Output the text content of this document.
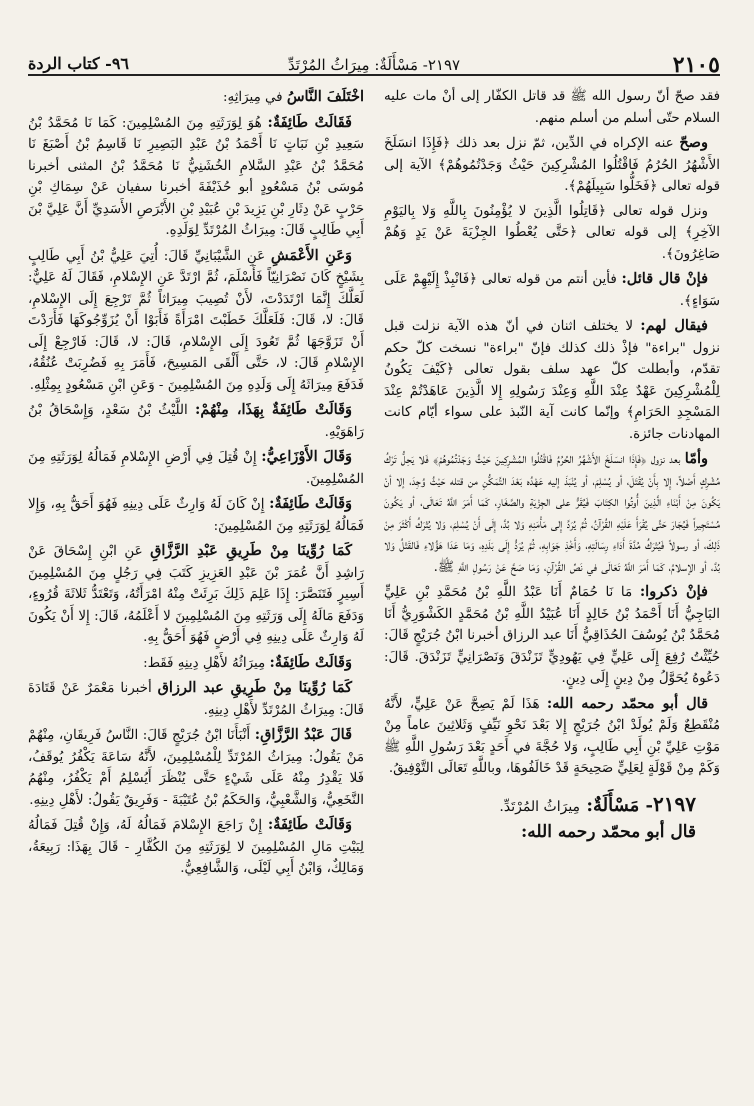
٢١٠٥
٢١٩٧- مَسْأَلَةٌ: مِيرَاثُ المُرْتَدِّ
٩٦- كتاب الردة

فقد صحّ أنّ رسول الله ﷺ قد قاتل الكفّار إلى أنْ مات عليه السلام حتّى أسلم من أسلم منهم.

وصحّ عنه الإكراه في الدِّين، ثمّ نزل بعد ذلك ﴿فَإِذَا انسَلَخَ الأَشْهُرُ الحُرُمُ فَاقْتُلُوا المُشْرِكِينَ حَيْثُ وَجَدْتُمُوهُمْ﴾ الآية إلى قوله تعالى ﴿فَخَلُّوا سَبِيلَهُمْ﴾.

ونزل قوله تعالى ﴿قَاتِلُوا الَّذِينَ لا يُؤْمِنُونَ بِاللَّهِ وَلا بِاليَوْمِ الآخِرِ﴾ إلى قوله تعالى ﴿حَتَّى يُعْطُوا الجِزْيَةَ عَنْ يَدٍ وَهُمْ صَاغِرُونَ﴾.

فإنْ قال قائل: فأين أنتم من قوله تعالى ﴿فَانْبِذْ إِلَيْهِمْ عَلَى سَوَاءٍ﴾.

فيقال لهم: لا يختلف اثنان في أنّ هذه الآية نزلت قبل نزول "براءة" فإذْ ذلك كذلك فإنّ "براءة" نسخت كلّ حكم تقدّم، وأبطلت كلّ عهد سلف بقول تعالى ﴿كَيْفَ يَكُونُ لِلْمُشْرِكِينَ عَهْدٌ عِنْدَ اللَّهِ وَعِنْدَ رَسُولِهِ إِلا الَّذِينَ عَاهَدْتُمْ عِنْدَ المَسْجِدِ الحَرَامِ﴾ وإنّما كانت آية النّبذ على سواء أيّام كانت المهادنات جائزة.

وأمّا بعد نزول ﴿فَإِذَا انسَلَخَ الأَشْهُرُ الحُرُمُ فَاقْتُلُوا المُشْرِكِينَ حَيْثُ وَجَدْتُمُوهُمْ﴾ فَلا يَحِلُّ تَرْكُ مُشْرِكٍ أَصْلاً، إِلا بِأَنْ يُقْتَلَ، أو يُسْلِمَ، أو يُنْبَذَ إليه عَهْدُه بَعْدَ التَّمَكُّنِ من قتله حَيْثُ وُجِدَ، إلا أنْ يَكُونَ مِنْ أَبْنَاءِ الَّذِينَ أُوتُوا الكِتَابَ فَيُقَرُّ على الجِزْيَةِ والصَّغَارِ، كَمَا أَمَرَ اللَّهُ تَعَالَى، أو يَكُونَ مُسْتَجِيراً فَيُجَارَ حَتَّى يُقْرَأَ عَلَيْهِ القُرْآنُ، ثُمَّ يُرَدَّ إِلى مَأْمَنِهِ وَلا بُدَّ، إِلَى أَنْ يُسْلِمَ، وَلا يُتْرَكُ أَكْثَرَ مِنْ ذَلِكَ، أو رسولاً فَيُتْرَكُ مُدَّةَ أَدَاءِ رِسَالَتِهِ، وَأَخْذِ جَوَابِهِ، ثُمَّ يُرَدُّ إِلَى بَلَدِهِ، وَمَا عَدَا هَؤُلاءِ فَالقَتْلُ وَلا بُدَّ، أو الإسلامُ، كَمَا أَمَرَ اللَّهُ تَعَالَى في نَصِّ القُرْآنِ، وَمَا صَحَّ عَنْ رَسُولِ اللَّهِ ﷺ.

فإنْ ذكروا: مَا نَا حُمَامٌ أَنَا عَبْدُ اللَّهِ بْنُ مُحَمَّدِ بْنِ عَلِيٍّ البَاجِيُّ أَنَا أَحْمَدُ بْنُ خَالِدٍ أَنَا عُبَيْدُ اللَّهِ بْنُ مُحَمَّدٍ الكَشْوَرِيُّ أَنَا مُحَمَّدُ بْنُ يُوسُفَ الحُذَاقِيُّ أَنَا عبد الرزاق أخبرنا ابْنُ جُرَيْجٍ قَالَ: حُيِّثْتُ رُفِعَ إِلَى عَلِيٍّ فِي يَهُودِيٍّ تَزَنْدَقَ وَنَصْرَانِيٍّ تَزَنْدَقَ. قَالَ: دَعُوهُ يُحَوَّلُ مِنْ دِينٍ إِلَى دِينٍ.

قال أبو محمّد رحمه الله: هَذَا لَمْ يَصِحَّ عَنْ عَلِيٍّ، لأَنَّهُ مُنْقَطِعٌ وَلَمْ يُولَدْ ابْنُ جُرَيْجٍ إِلا بَعْدَ نَحْوِ نَيِّفٍ وَثَلاثِينَ عاماً مِنْ مَوْتِ عَلِيِّ بْنِ أَبِي طَالِبٍ، وَلا حُجَّةَ في أَحَدٍ بَعْدَ رَسُولِ اللَّهِ ﷺ وَكَمْ مِنْ قَوْلَةٍ لِعَلِيٍّ صَحِيحَةٍ قَدْ خَالَفُوهَا، وباللَّهِ تَعَالَى التَّوْفِيقُ.

٢١٩٧- مَسْأَلَةٌ: مِيرَاثُ المُرْتَدِّ.
قال أبو محمّد رحمه الله:

اخْتَلَفَ النَّاسُ في مِيرَاثِهِ:

فَقَالَتْ طَائِفَةٌ: هُوَ لِوَرَثَتِهِ مِنَ المُسْلِمِينَ: كَمَا نَا مُحَمَّدُ بْنُ سَعِيدِ بْنِ نَبَاتٍ نَا أَحْمَدُ بْنُ عَبْدِ البَصِيرِ نَا قَاسِمُ بْنُ أَصْبَغَ نَا مُحَمَّدُ بْنُ عَبْدِ السَّلامِ الخُشَنِيُّ نَا مُحَمَّدُ بْنُ المثنى أخبرنا مُوسَى بْنُ مَسْعُودٍ أبو حُذَيْفَةَ أخبرنا سفيان عَنْ سِمَاكِ بْنِ حَرْبٍ عَنْ دِثَارِ بْنِ يَزِيدَ بْنِ عُبَيْدِ بْنِ الأَبْرَصِ الأَسَدِيِّ أَنَّ عَلِيَّ بْنَ أَبِي طَالِبٍ قَالَ: مِيرَاثُ المُرْتَدِّ لِوَلَدِهِ.

وَعَنِ الأَعْمَشِ عَنِ الشَّيْبَانِيِّ قَالَ: أُتِيَ عَلِيُّ بْنُ أَبِي طَالِبٍ بِشَيْخٍ كَانَ نَصْرَانِيّاً فَأَسْلَمَ، ثُمَّ ارْتَدَّ عَنِ الإِسْلامِ، فَقَالَ لَهُ عَلِيٌّ: لَعَلَّكَ إِنَّمَا ارْتَدَدْتَ، لأَنْ تُصِيبَ مِيرَاثاً ثُمَّ تَرْجِعَ إِلَى الإِسْلامِ، قَالَ: لا، قَالَ: فَلَعَلَّكَ خَطَبْتَ امْرَأَةً فَأَبَوْا أَنْ يُزَوِّجُوكَهَا فَأَرَدْتَ أَنْ تَزَوَّجَهَا ثُمَّ تَعُودَ إِلَى الإِسْلامِ، قَالَ: لا، قَالَ: فَارْجِعْ إِلَى الإِسْلامِ قَالَ: لا، حَتَّى أَلْقَى المَسِيحَ، فَأَمَرَ بِهِ فَضُرِبَتْ عُنُقُهُ، فَدَفَعَ مِيرَاثَهُ إِلَى وَلَدِهِ مِنَ المُسْلِمِينَ - وَعَنِ ابْنِ مَسْعُودٍ بِمِثْلِهِ.

وَقَالَتْ طَائِفَةٌ بِهَذَا، مِنْهُمْ: اللَّيْثُ بْنُ سَعْدٍ، وَإِسْحَاقُ بْنُ رَاهَوَيْهِ.

وَقَالَ الأَوْزَاعِيُّ: إِنْ قُتِلَ فِي أَرْضِ الإِسْلامِ فَمَالُهُ لِوَرَثَتِهِ مِنَ المُسْلِمِينَ.

وَقَالَتْ طَائِفَةٌ: إِنْ كَانَ لَهُ وَارِثٌ عَلَى دِينِهِ فَهُوَ أَحَقُّ بِهِ، وَإِلا فَمَالُهُ لِوَرَثَتِهِ مِنَ المُسْلِمِينَ:

كَمَا رُوِّينَا مِنْ طَرِيقِ عَبْدِ الرَّزَّاقِ عَنِ ابْنِ إِسْحَاقَ عَنْ رَاشِدِ أَنَّ عُمَرَ بْنَ عَبْدِ العَزِيزِ كَتَبَ فِي رَجُلٍ مِنَ المُسْلِمِينَ أَسِيرٍ فَتَنَصَّرَ: إِذَا عَلِمَ ذَلِكَ بَرِئَتْ مِنْهُ امْرَأَتُهُ، وَتَعْتَدُّ ثَلاثَةَ قُرُوءٍ، وَدَفَعَ مَالَهُ إِلَى وَرَثَتِهِ مِنَ المُسْلِمِينَ لا أَعْلَمُهُ، قَالَ: إِلا أَنْ يَكُونَ لَهُ وَارِثٌ عَلَى دِينِهِ فِي أَرْضٍ فَهُوَ أَحَقُّ بِهِ.

وَقَالَتْ طَائِفَةٌ: مِيرَاثُهُ لأَهْلِ دِينِهِ فَقَط:

كَمَا رُوِّينَا مِنْ طَرِيقِ عبد الرزاق أخبرنا مَعْمَرٌ عَنْ قَتَادَةَ قَالَ: مِيرَاثُ المُرْتَدِّ لأَهْلِ دِينِهِ.

قَالَ عَبْدُ الرَّزَّاقِ: أَنْبَأَنَا ابْنُ جُرَيْجٍ قَالَ: النَّاسُ فَرِيقَانِ، مِنْهُمْ مَنْ يَقُولُ: مِيرَاثُ المُرْتَدِّ لِلْمُسْلِمِينَ، لأَنَّهُ سَاعَةَ يَكْفُرُ يُوقَفُ، فَلا يَقْدِرُ مِنْهُ عَلَى شَيْءٍ حَتَّى يُنْظَرَ أَيُسْلِمُ أَمْ يَكْفُرُ، مِنْهُمُ النَّخَعِيُّ، وَالشَّعْبِيُّ، وَالحَكَمُ بْنُ عُتَيْبَةَ - وَفَرِيقٌ يَقُولُ: لأَهْلِ دِينِهِ.

وَقَالَتْ طَائِفَةٌ: إِنْ رَاجَعَ الإِسْلامَ فَمَالُهُ لَهُ، وَإِنْ قُتِلَ فَمَالُهُ لِبَيْتِ مَالِ المُسْلِمِينَ لا لِوَرَثَتِهِ مِنَ الكُفَّارِ - قَالَ بِهَذَا: رَبِيعَةُ، وَمَالِكٌ، وَابْنُ أَبِي لَيْلَى، وَالشَّافِعِيُّ.
